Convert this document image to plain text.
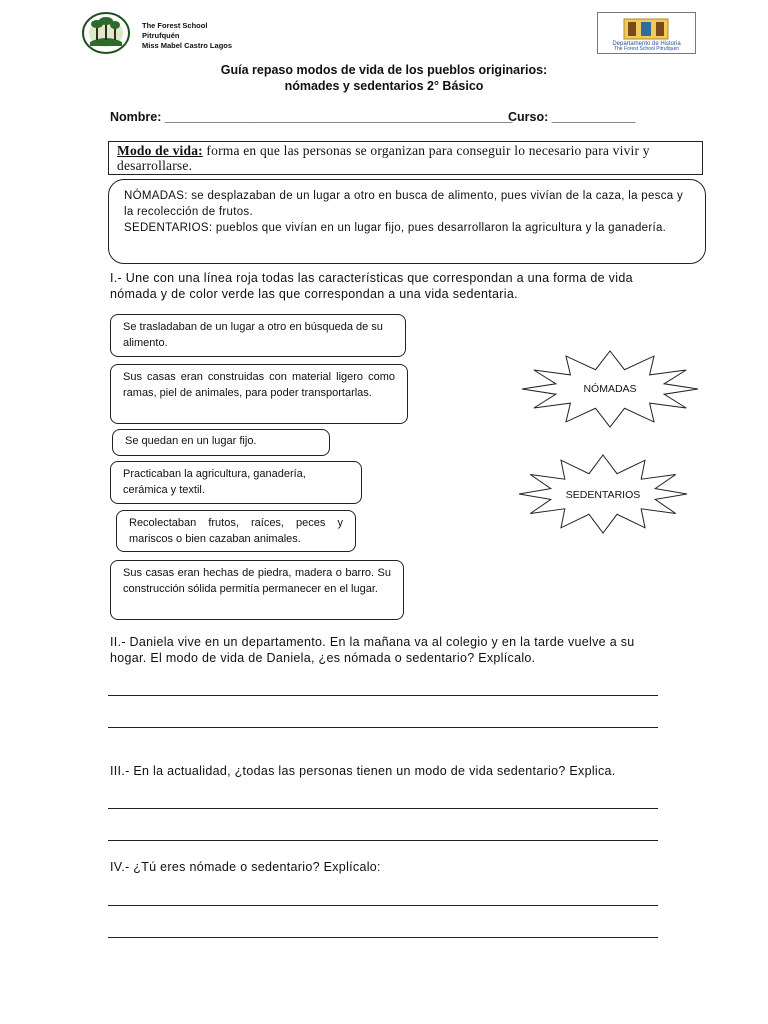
The Forest School
Pitrufquén
Miss Mabel Castro Lagos	Departamento de Historia
The Forest School Pitrufquén
Guía repaso modos de vida de los pueblos originarios:
nómades y sedentarios 2° Básico
Nombre: __________________________________________________
Curso: ____________
Modo de vida: forma en que las personas se organizan para conseguir lo necesario para vivir y desarrollarse.
NÓMADAS: se desplazaban de un lugar a otro en busca de alimento, pues vivían de la caza, la pesca y la recolección de frutos.
SEDENTARIOS: pueblos que vivían en un lugar fijo, pues desarrollaron la agricultura y la ganadería.
I.- Une con una línea roja todas las características que correspondan a una forma de vida nómada y de color verde las que correspondan a una vida sedentaria.
Se trasladaban de un lugar a otro en búsqueda de su alimento.
Sus casas eran construidas con material ligero como ramas, piel de animales, para poder transportarlas.
Se quedan en un lugar fijo.
Practicaban la agricultura, ganadería, cerámica y textil.
Recolectaban frutos, raíces, peces y mariscos o bien cazaban animales.
Sus casas eran hechas de piedra, madera o barro. Su construcción sólida permitía permanecer en el lugar.
NÓMADAS
SEDENTARIOS
II.- Daniela vive en un departamento. En la mañana va al colegio y en la tarde vuelve a su hogar. El modo de vida de Daniela, ¿es nómada o sedentario? Explícalo.
III.- En la actualidad, ¿todas las personas tienen un modo de vida sedentario? Explica.
IV.- ¿Tú eres nómade o sedentario? Explícalo:
